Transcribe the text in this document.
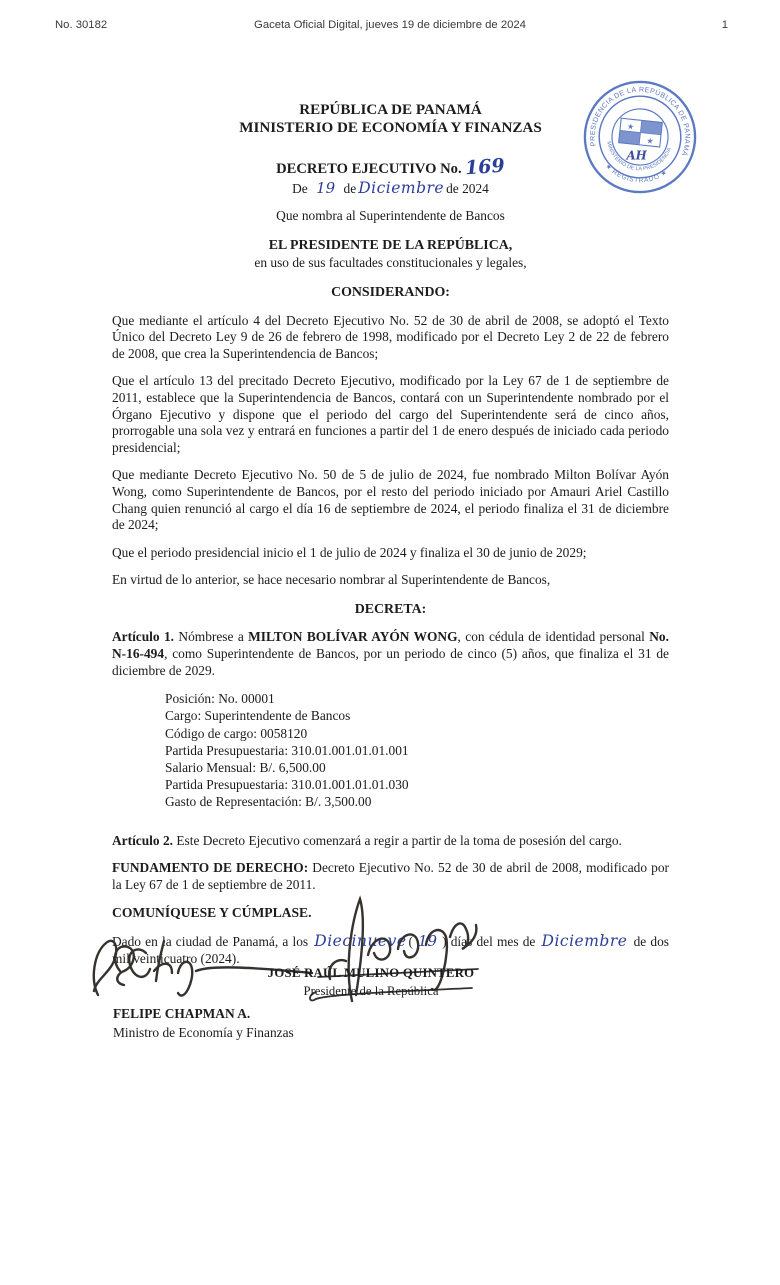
No. 30182	Gaceta Oficial Digital, jueves 19 de diciembre de 2024	1
PRESIDENCIA DE LA REPÚBLICA DE PANAMÁ
★ REGISTRADO ★
MINISTERIO DE LA PRESIDENCIA
★
★
AH
REPÚBLICA DE PANAMÁ
MINISTERIO DE ECONOMÍA Y FINANZAS
DECRETO EJECUTIVO No. 169
De 19 de Diciembre de 2024
Que nombra al Superintendente de Bancos
EL PRESIDENTE DE LA REPÚBLICA,
en uso de sus facultades constitucionales y legales,
CONSIDERANDO:

Que mediante el artículo 4 del Decreto Ejecutivo No. 52 de 30 de abril de 2008, se adoptó el Texto Único del Decreto Ley 9 de 26 de febrero de 1998, modificado por el Decreto Ley 2 de 22 de febrero de 2008, que crea la Superintendencia de Bancos;

Que el artículo 13 del precitado Decreto Ejecutivo, modificado por la Ley 67 de 1 de septiembre de 2011, establece que la Superintendencia de Bancos, contará con un Superintendente nombrado por el Órgano Ejecutivo y dispone que el periodo del cargo del Superintendente será de cinco años, prorrogable una sola vez y entrará en funciones a partir del 1 de enero después de iniciado cada periodo presidencial;

Que mediante Decreto Ejecutivo No. 50 de 5 de julio de 2024, fue nombrado Milton Bolívar Ayón Wong, como Superintendente de Bancos, por el resto del periodo iniciado por Amauri Ariel Castillo Chang quien renunció al cargo el día 16 de septiembre de 2024, el periodo finaliza el 31 de diciembre de 2024;

Que el periodo presidencial inicio el 1 de julio de 2024 y finaliza el 30 de junio de 2029;

En virtud de lo anterior, se hace necesario nombrar al Superintendente de Bancos,

DECRETA:

Artículo 1. Nómbrese a MILTON BOLÍVAR AYÓN WONG, con cédula de identidad personal No. N-16-494, como Superintendente de Bancos, por un periodo de cinco (5) años, que finaliza el 31 de diciembre de 2029.

Posición: No. 00001
Cargo: Superintendente de Bancos
Código de cargo: 0058120
Partida Presupuestaria: 310.01.001.01.01.001
Salario Mensual: B/. 6,500.00
Partida Presupuestaria: 310.01.001.01.01.030
Gasto de Representación: B/. 3,500.00

Artículo 2. Este Decreto Ejecutivo comenzará a regir a partir de la toma de posesión del cargo.

FUNDAMENTO DE DERECHO: Decreto Ejecutivo No. 52 de 30 de abril de 2008, modificado por la Ley 67 de 1 de septiembre de 2011.

COMUNÍQUESE Y CÚMPLASE.

Dado en la ciudad de Panamá, a los Diecinueve ( 19 ) días del mes de Diciembre de dos mil veinticuatro (2024).

JOSÉ RAÚL MULINO QUINTERO
Presidente de la República
FELIPE CHAPMAN A.
Ministro de Economía y Finanzas
